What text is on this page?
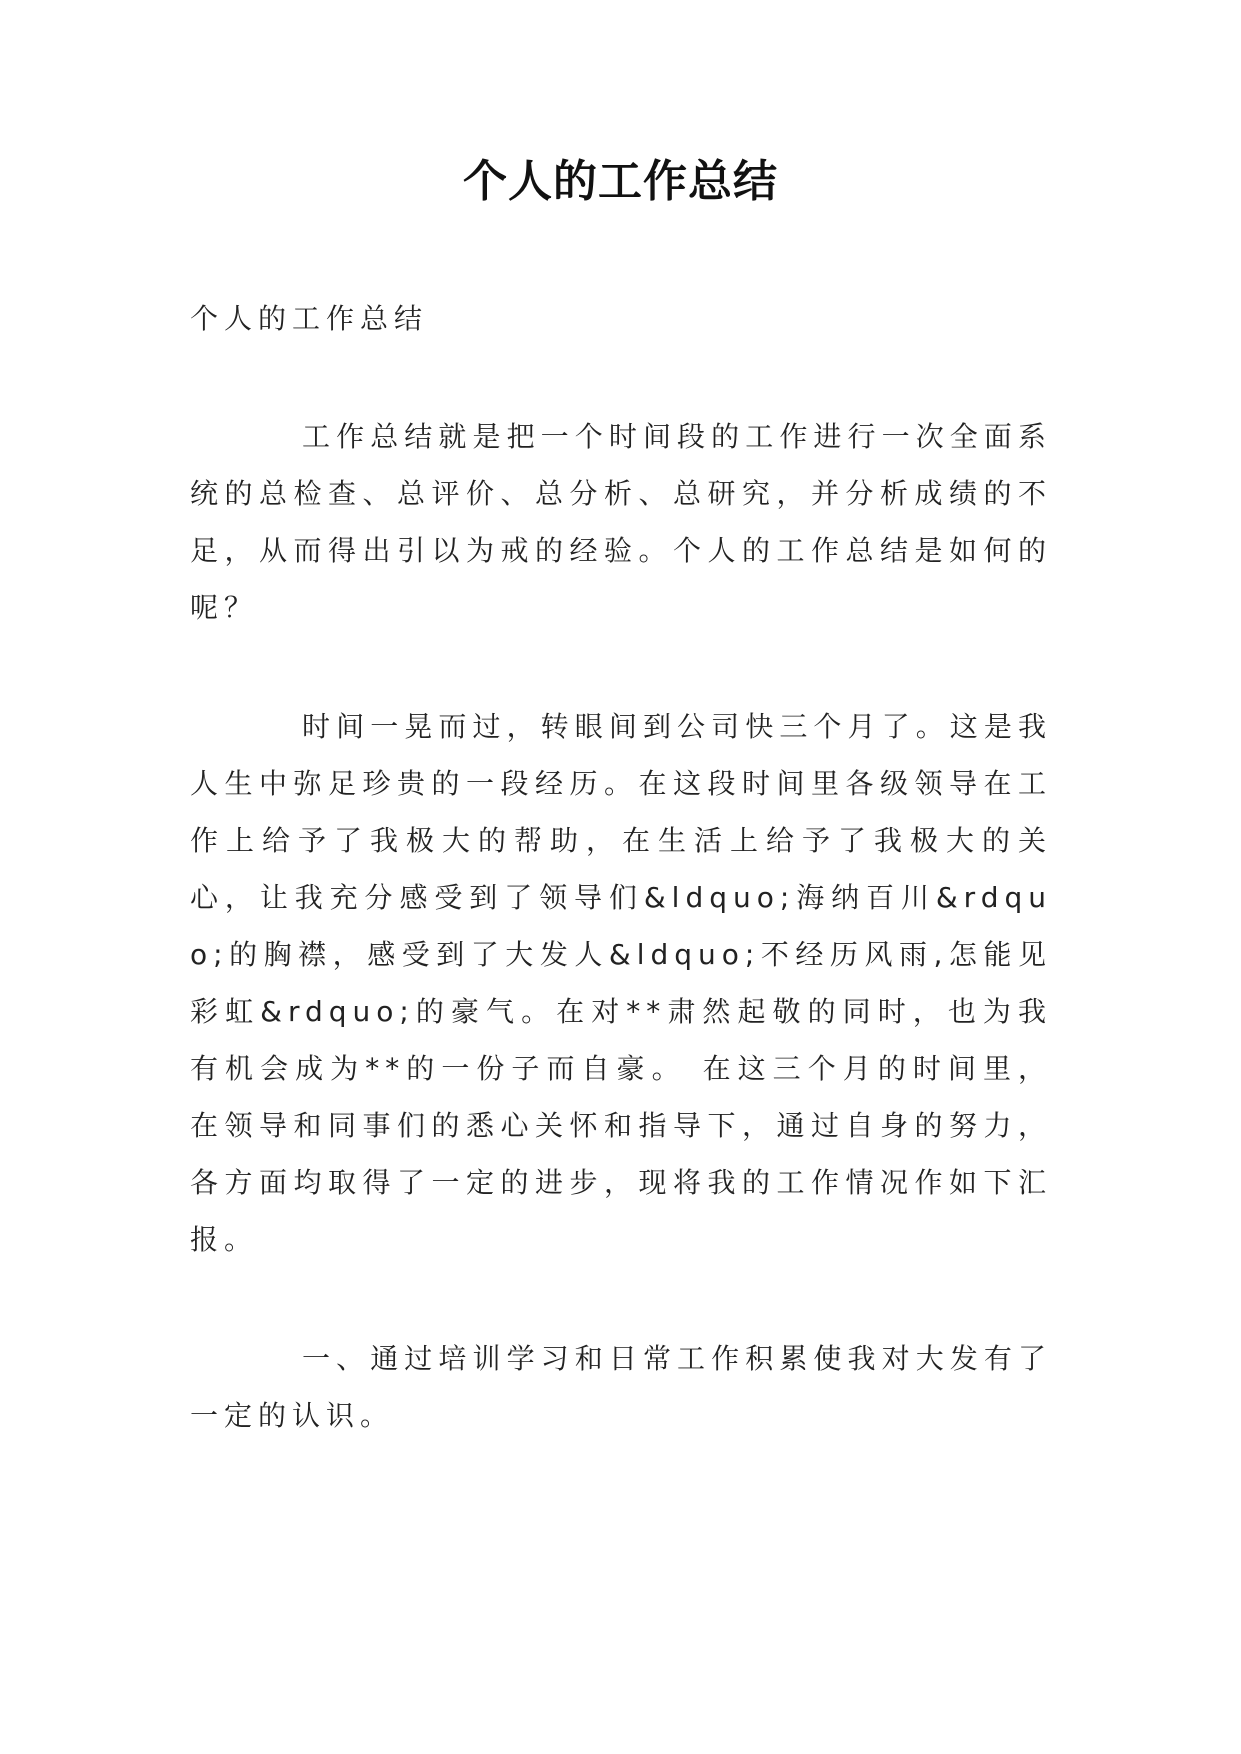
个人的工作总结
个人的工作总结
工作总结就是把一个时间段的工作进行一次全面系统的总检查、总评价、总分析、总研究，并分析成绩的不足，从而得出引以为戒的经验。个人的工作总结是如何的呢？
时间一晃而过，转眼间到公司快三个月了。这是我人生中弥足珍贵的一段经历。在这段时间里各级领导在工作上给予了我极大的帮助，在生活上给予了我极大的关心，让我充分感受到了领导们&ldquo;海纳百川&rdquo;的胸襟，感受到了大发人&ldquo;不经历风雨,怎能见彩虹&rdquo;的豪气。在对**肃然起敬的同时，也为我有机会成为**的一份子而自豪。 在这三个月的时间里，在领导和同事们的悉心关怀和指导下，通过自身的努力，各方面均取得了一定的进步，现将我的工作情况作如下汇报。
一、通过培训学习和日常工作积累使我对大发有了一定的认识。
